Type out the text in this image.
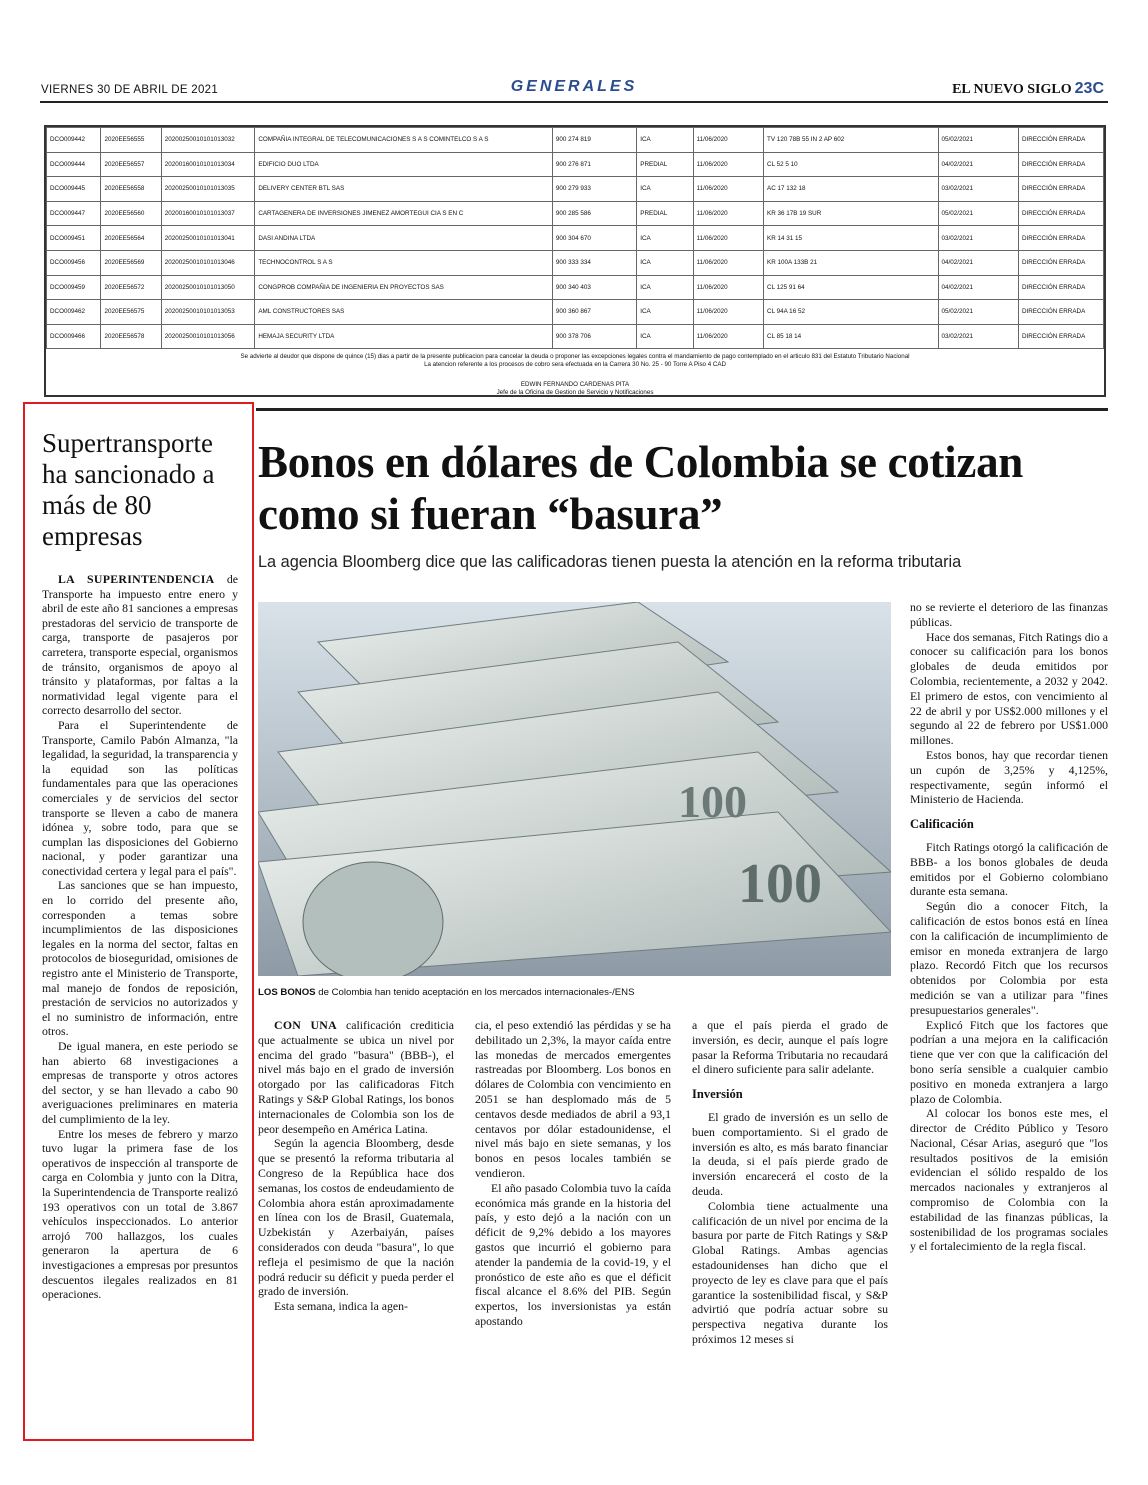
VIERNES 30 DE ABRIL DE 2021	GENERALES	EL NUEVO SIGLO 23C
DCO009442	2020EE56555	20200250010101013032	COMPAÑIA INTEGRAL DE TELECOMUNICACIONES S A S COMINTELCO S A S	900 274 819	ICA	11/06/2020	TV 120 78B 55 IN 2 AP 602	05/02/2021	DIRECCIÓN ERRADA
DCO009444	2020EE56557	20200160010101013034	EDIFICIO DUO LTDA	900 276 871	PREDIAL	11/06/2020	CL 52 5 10	04/02/2021	DIRECCIÓN ERRADA
DCO009445	2020EE56558	20200250010101013035	DELIVERY CENTER BTL SAS	900 279 933	ICA	11/06/2020	AC 17 132 18	03/02/2021	DIRECCIÓN ERRADA
DCO009447	2020EE56560	20200160010101013037	CARTAGENERA DE INVERSIONES JIMENEZ AMORTEGUI CIA S EN C	900 285 586	PREDIAL	11/06/2020	KR 36 17B 19 SUR	05/02/2021	DIRECCIÓN ERRADA
DCO009451	2020EE56564	20200250010101013041	DASI ANDINA LTDA	900 304 670	ICA	11/06/2020	KR 14 31 15	03/02/2021	DIRECCIÓN ERRADA
DCO009456	2020EE56569	20200250010101013046	TECHNOCONTROL S A S	900 333 334	ICA	11/06/2020	KR 100A 133B 21	04/02/2021	DIRECCIÓN ERRADA
DCO009459	2020EE56572	20200250010101013050	CONGPROB COMPAÑIA DE INGENIERIA EN PROYECTOS SAS	900 340 403	ICA	11/06/2020	CL 125 91 64	04/02/2021	DIRECCIÓN ERRADA
DCO009462	2020EE56575	20200250010101013053	AML CONSTRUCTORES SAS	900 360 867	ICA	11/06/2020	CL 94A 16 52	05/02/2021	DIRECCIÓN ERRADA
DCO009466	2020EE56578	20200250010101013056	HEMAJA SECURITY LTDA	900 378 706	ICA	11/06/2020	CL 85 18 14	03/02/2021	DIRECCIÓN ERRADA
Se advierte al deudor que dispone de quince (15) dias a partir de la presente publicacion para cancelar la deuda o proponer las excepciones legales contra el mandamiento de pago contemplado en el articulo 831 del Estatuto Tributario Nacional
La atencion referente a los procesos de cobro sera efectuada en la Carrera 30 No. 25 - 90 Torre A Piso 4 CAD
EDWIN FERNANDO CARDENAS PITA
Jefe de la Oficina de Gestion de Servicio y Notificaciones
Supertransporte ha sancionado a más de 80 empresas

LA SUPERINTENDENCIA de Transporte ha impuesto entre enero y abril de este año 81 sanciones a empresas prestadoras del servicio de transporte de carga, transporte de pasajeros por carretera, transporte especial, organismos de tránsito, organismos de apoyo al tránsito y plataformas, por faltas a la normatividad legal vigente para el correcto desarrollo del sector.

Para el Superintendente de Transporte, Camilo Pabón Almanza, "la legalidad, la seguridad, la transparencia y la equidad son las políticas fundamentales para que las operaciones comerciales y de servicios del sector transporte se lleven a cabo de manera idónea y, sobre todo, para que se cumplan las disposiciones del Gobierno nacional, y poder garantizar una conectividad certera y legal para el país".

Las sanciones que se han impuesto, en lo corrido del presente año, corresponden a temas sobre incumplimientos de las disposiciones legales en la norma del sector, faltas en protocolos de bioseguridad, omisiones de registro ante el Ministerio de Transporte, mal manejo de fondos de reposición, prestación de servicios no autorizados y el no suministro de información, entre otros.

De igual manera, en este periodo se han abierto 68 investigaciones a empresas de transporte y otros actores del sector, y se han llevado a cabo 90 averiguaciones preliminares en materia del cumplimiento de la ley.

Entre los meses de febrero y marzo tuvo lugar la primera fase de los operativos de inspección al transporte de carga en Colombia y junto con la Ditra, la Superintendencia de Transporte realizó 193 operativos con un total de 3.867 vehículos inspeccionados. Lo anterior arrojó 700 hallazgos, los cuales generaron la apertura de 6 investigaciones a empresas por presuntos descuentos ilegales realizados en 81 operaciones.

Bonos en dólares de Colombia se cotizan como si fueran “basura”
La agencia Bloomberg dice que las calificadoras tienen puesta la atención en la reforma tributaria
100
100
LOS BONOS de Colombia han tenido aceptación en los mercados internacionales-/ENS

CON UNA calificación crediticia que actualmente se ubica un nivel por encima del grado "basura" (BBB-), el nivel más bajo en el grado de inversión otorgado por las calificadoras Fitch Ratings y S&P Global Ratings, los bonos internacionales de Colombia son los de peor desempeño en América Latina.

Según la agencia Bloomberg, desde que se presentó la reforma tributaria al Congreso de la República hace dos semanas, los costos de endeudamiento de Colombia ahora están aproximadamente en línea con los de Brasil, Guatemala, Uzbekistán y Azerbaiyán, países considerados con deuda "basura", lo que refleja el pesimismo de que la nación podrá reducir su déficit y pueda perder el grado de inversión.

Esta semana, indica la agen-

cia, el peso extendió las pérdidas y se ha debilitado un 2,3%, la mayor caída entre las monedas de mercados emergentes rastreadas por Bloomberg. Los bonos en dólares de Colombia con vencimiento en 2051 se han desplomado más de 5 centavos desde mediados de abril a 93,1 centavos por dólar estadounidense, el nivel más bajo en siete semanas, y los bonos en pesos locales también se vendieron.

El año pasado Colombia tuvo la caída económica más grande en la historia del país, y esto dejó a la nación con un déficit de 9,2% debido a los mayores gastos que incurrió el gobierno para atender la pandemia de la covid-19, y el pronóstico de este año es que el déficit fiscal alcance el 8.6% del PIB. Según expertos, los inversionistas ya están apostando

a que el país pierda el grado de inversión, es decir, aunque el país logre pasar la Reforma Tributaria no recaudará el dinero suficiente para salir adelante.

Inversión

El grado de inversión es un sello de buen comportamiento. Si el grado de inversión es alto, es más barato financiar la deuda, si el país pierde grado de inversión encarecerá el costo de la deuda.

Colombia tiene actualmente una calificación de un nivel por encima de la basura por parte de Fitch Ratings y S&P Global Ratings. Ambas agencias estadounidenses han dicho que el proyecto de ley es clave para que el país garantice la sostenibilidad fiscal, y S&P advirtió que podría actuar sobre su perspectiva negativa durante los próximos 12 meses si

no se revierte el deterioro de las finanzas públicas.

Hace dos semanas, Fitch Ratings dio a conocer su calificación para los bonos globales de deuda emitidos por Colombia, recientemente, a 2032 y 2042. El primero de estos, con vencimiento al 22 de abril y por US$2.000 millones y el segundo al 22 de febrero por US$1.000 millones.

Estos bonos, hay que recordar tienen un cupón de 3,25% y 4,125%, respectivamente, según informó el Ministerio de Hacienda.

Calificación

Fitch Ratings otorgó la calificación de BBB- a los bonos globales de deuda emitidos por el Gobierno colombiano durante esta semana.

Según dio a conocer Fitch, la calificación de estos bonos está en línea con la calificación de incumplimiento de emisor en moneda extranjera de largo plazo. Recordó Fitch que los recursos obtenidos por Colombia por esta medición se van a utilizar para "fines presupuestarios generales".

Explicó Fitch que los factores que podrían a una mejora en la calificación tiene que ver con que la calificación del bono sería sensible a cualquier cambio positivo en moneda extranjera a largo plazo de Colombia.

Al colocar los bonos este mes, el director de Crédito Público y Tesoro Nacional, César Arias, aseguró que "los resultados positivos de la emisión evidencian el sólido respaldo de los mercados nacionales y extranjeros al compromiso de Colombia con la estabilidad de las finanzas públicas, la sostenibilidad de los programas sociales y el fortalecimiento de la regla fiscal.
